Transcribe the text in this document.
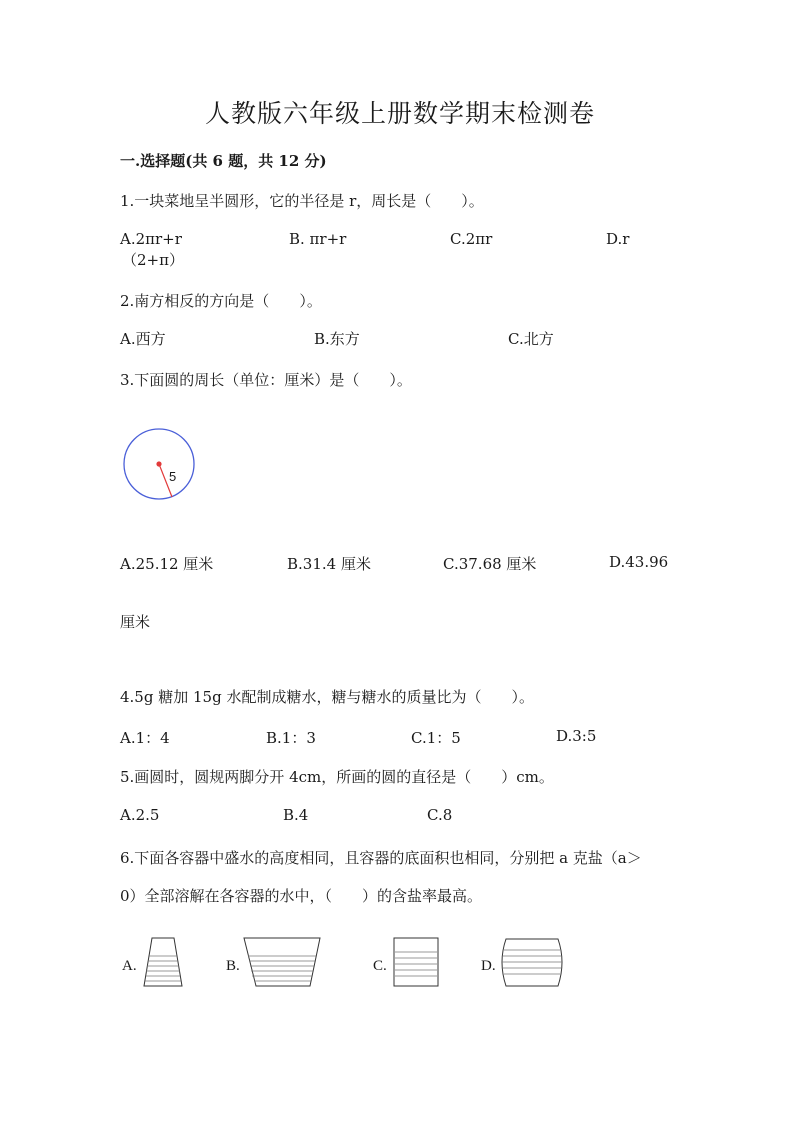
人教版六年级上册数学期末检测卷
一.选择题(共 6 题，共 12 分)
1.一块菜地呈半圆形，它的半径是 r，周长是（　　）。
A.2πr+r	B. πr+r	C.2πr	D.r
（2+π）
2.南方相反的方向是（　　）。
A.西方	B.东方	C.北方
3.下面圆的周长（单位：厘米）是（　　）。
5
A.25.12 厘米	B.31.4 厘米	C.37.68 厘米	D.43.96
厘米
4.5g 糖加 15g 水配制成糖水，糖与糖水的质量比为（　　）。
A.1：4	B.1：3	C.1：5	D.3:5
5.画圆时，圆规两脚分开 4cm，所画的圆的直径是（　　）cm。
A.2.5	B.4	C.8
6.下面各容器中盛水的高度相同，且容器的底面积也相同，分别把 a 克盐（a＞
0）全部溶解在各容器的水中，（　　）的含盐率最高。
A.	B.	C.	D.
